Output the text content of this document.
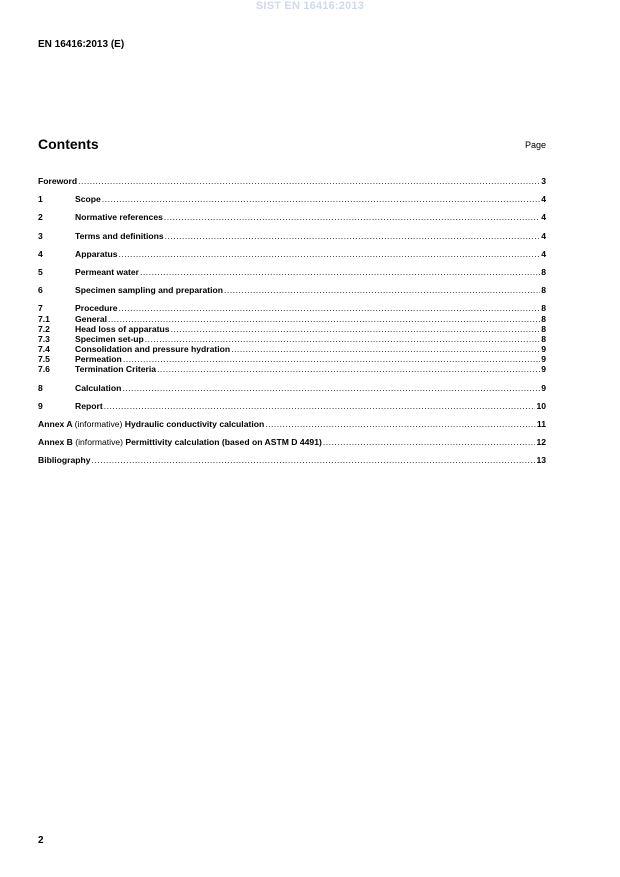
SIST EN 16416:2013
EN 16416:2013 (E)
Contents	Page
Foreword .....	3
1	Scope .....	4
2	Normative references .....	4
3	Terms and definitions .....	4
4	Apparatus .....	4
5	Permeant water .....	8
6	Specimen sampling and preparation .....	8
7	Procedure .....	8
7.1	General .....	8
7.2	Head loss of apparatus .....	8
7.3	Specimen set-up .....	8
7.4	Consolidation and pressure hydration .....	9
7.5	Permeation .....	9
7.6	Termination Criteria .....	9
8	Calculation .....	9
9	Report .....	10
Annex A (informative) Hydraulic conductivity calculation .....	11
Annex B (informative) Permittivity calculation (based on ASTM D 4491) .....	12
Bibliography .....	13
2
